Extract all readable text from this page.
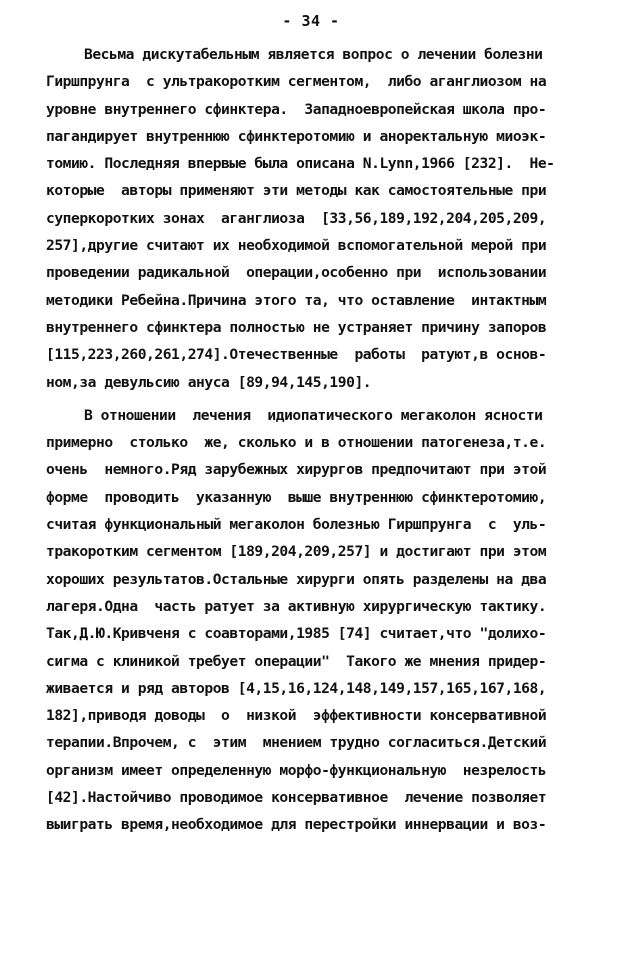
- 34 -
Весьма дискутабельным является вопрос о лечении болезни
Гиршпрунга  с ультракоротким сегментом,  либо аганглиозом на
уровне внутреннего сфинктера.  Западноевропейская школа про-
пагандирует внутреннюю сфинктеротомию и аноректальную миоэк-
томию. Последняя впервые была описана N.Lynn,1966 [232].  Не-
которые  авторы применяют эти методы как самостоятельные при
суперкоротких зонах  аганглиоза  [33,56,189,192,204,205,209,
257],другие считают их необходимой вспомогательной мерой при
проведении радикальной  операции,особенно при  использовании
методики Ребейна.Причина этого та, что оставление  интактным
внутреннего сфинктера полностью не устраняет причину запоров
[115,223,260,261,274].Отечественные  работы  ратуют,в основ-
ном,за девульсию ануса [89,94,145,190].
В отношении  лечения  идиопатического мегаколон ясности
примерно  столько  же, сколько и в отношении патогенеза,т.е.
очень  немного.Ряд зарубежных хирургов предпочитают при этой
форме  проводить  указанную  выше внутреннюю сфинктеротомию,
считая функциональный мегаколон болезнью Гиршпрунга  с  уль-
тракоротким сегментом [189,204,209,257] и достигают при этом
хороших результатов.Остальные хирурги опять разделены на два
лагеря.Одна  часть ратует за активную хирургическую тактику.
Так,Д.Ю.Кривченя с соавторами,1985 [74] считает,что "долихо-
сигма с клиникой требует операции"  Такого же мнения придер-
живается и ряд авторов [4,15,16,124,148,149,157,165,167,168,
182],приводя доводы  о  низкой  эффективности консервативной
терапии.Впрочем, с  этим  мнением трудно согласиться.Детский
организм имеет определенную морфо-функциональную  незрелость
[42].Настойчиво проводимое консервативное  лечение позволяет
выиграть время,необходимое для перестройки иннервации и воз-
